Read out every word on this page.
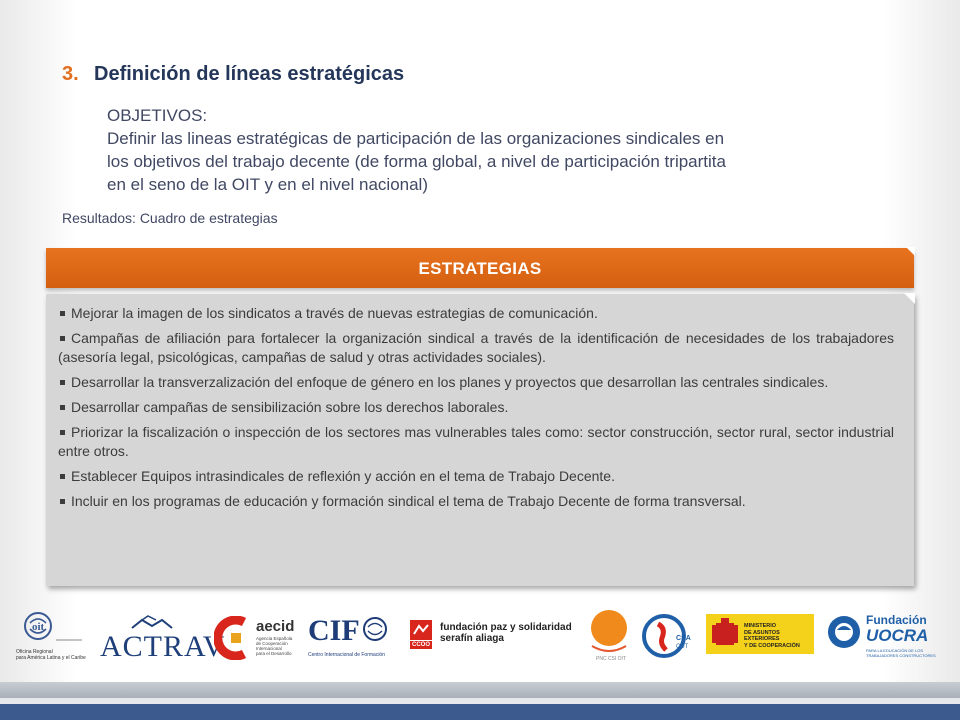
3. Definición de líneas estratégicas
OBJETIVOS:
Definir las lineas estratégicas de participación de las organizaciones sindicales en
los objetivos del trabajo decente (de forma global, a nivel de participación tripartita
en el seno de la OIT y en el nivel nacional)
Resultados: Cuadro de estrategias
ESTRATEGIAS
Mejorar la imagen de los sindicatos a través de nuevas estrategias de comunicación.
Campañas de afiliación para fortalecer la organización sindical a través de la identificación de necesidades de los trabajadores (asesoría legal, psicológicas, campañas de salud y otras actividades sociales).
Desarrollar la transverzalización del enfoque de género en los planes y proyectos que desarrollan las centrales sindicales.
Desarrollar campañas de sensibilización sobre los derechos laborales.
Priorizar la fiscalización o inspección de los sectores mas vulnerables tales como: sector construcción, sector rural, sector industrial entre otros.
Establecer Equipos intrasindicales de reflexión y acción en el tema de Trabajo Decente.
Incluir en los programas de educación y formación sindical el tema de Trabajo Decente de forma transversal.
oit
Oficina Regional
para América Latina y el Caribe ACTRAV
aecid
Agencia Española
de Cooperación
Internacional
para el Desarrollo
CIF
Centro Internacional de Formación
CCOO
fundación paz y solidaridad
serafín aliaga
PNC CSI OIT
CSA
CUT
MINISTERIO
DE ASUNTOS EXTERIORES
Y DE COOPERACIÓN
Fundación
UOCRA
PARA LA EDUCACIÓN DE LOS TRABAJADORES CONSTRUCTORES
